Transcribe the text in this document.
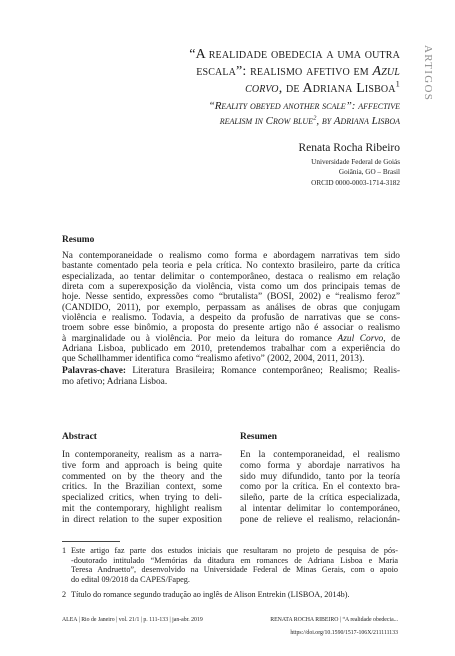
ARTIGOS
“A realidade obedecia a uma outra
escala”: realismo afetivo em Azul
corvo, de Adriana Lisboa$^1$
“Reality obeyed another scale”: affective
realism in Crow blue$^2$, by Adriana Lisboa
Renata Rocha Ribeiro
Universidade Federal de Goiás
Goiânia, GO – Brasil
ORCID 0000-0003-1714-3182
Resumo
Na contemporaneidade o realismo como forma e abordagem narrativas tem sido
bastante comentado pela teoria e pela crítica. No contexto brasileiro, parte da crítica
especializada, ao tentar delimitar o contemporâneo, destaca o realismo em relação
direta com a superexposição da violência, vista como um dos principais temas de
hoje. Nesse sentido, expressões como “brutalista” (BOSI, 2002) e “realismo feroz”
(CANDIDO, 2011), por exemplo, perpassam as análises de obras que conjugam
violência e realismo. Todavia, a despeito da profusão de narrativas que se cons-
troem sobre esse binômio, a proposta do presente artigo não é associar o realismo
à marginalidade ou à violência. Por meio da leitura do romance Azul Corvo, de
Adriana Lisboa, publicado em 2010, pretendemos trabalhar com a experiência do
que Schøllhammer identifica como “realismo afetivo” (2002, 2004, 2011, 2013).
Palavras-chave: Literatura Brasileira; Romance contemporâneo; Realismo; Realis-
mo afetivo; Adriana Lisboa.
Abstract	Resumen
In contemporaneity, realism as a narra-
tive form and approach is being quite
commented on by the theory and the
critics. In the Brazilian context, some
specialized critics, when trying to deli-
mit the contemporary, highlight realism
in direct relation to the super exposition
En la contemporaneidad, el realismo
como forma y abordaje narrativos ha
sido muy difundido, tanto por la teoría
como por la crítica. En el contexto bra-
sileño, parte de la crítica especializada,
al intentar delimitar lo contemporáneo,
pone de relieve el realismo, relacionán-
1 Este artigo faz parte dos estudos iniciais que resultaram no projeto de pesquisa de pós-
-doutorado intitulado “Memórias da ditadura em romances de Adriana Lisboa e Maria
Teresa Andruetto”, desenvolvido na Universidade Federal de Minas Gerais, com o apoio
do edital 09/2018 da CAPES/Fapeg.
2 Título do romance segundo tradução ao inglês de Alison Entrekin (LISBOA, 2014b).
ALEA | Rio de Janeiro | vol. 21/1 | p. 111-133 | jan-abr. 2019	RENATA ROCHA RIBEIRO | “A realidade obedecia...
https://doi.org/10.1590/1517-106X/211111133
